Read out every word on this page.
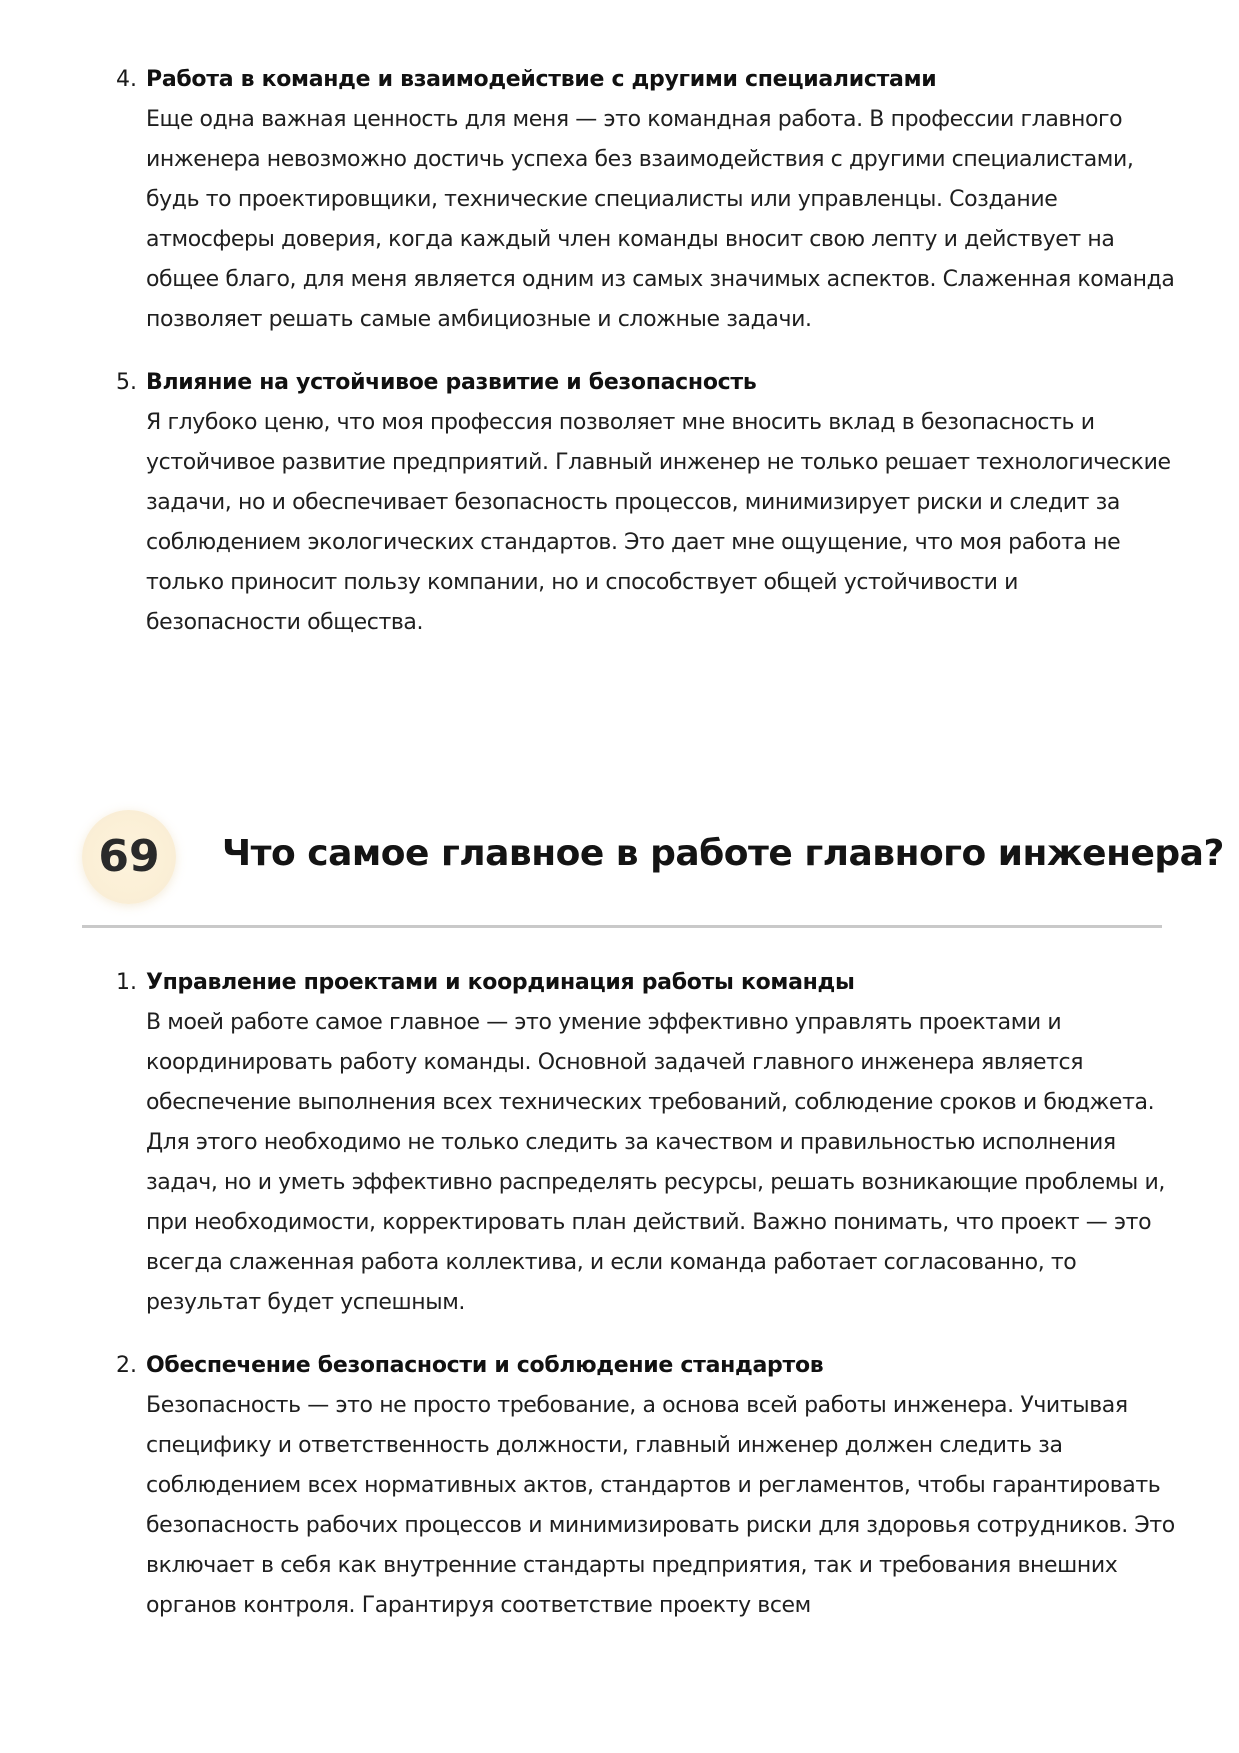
4. Работа в команде и взаимодействие с другими специалистами
Еще одна важная ценность для меня — это командная работа. В профессии главного инженера невозможно достичь успеха без взаимодействия с другими специалистами, будь то проектировщики, технические специалисты или управленцы. Создание атмосферы доверия, когда каждый член команды вносит свою лепту и действует на общее благо, для меня является одним из самых значимых аспектов. Слаженная команда позволяет решать самые амбициозные и сложные задачи.
5. Влияние на устойчивое развитие и безопасность
Я глубоко ценю, что моя профессия позволяет мне вносить вклад в безопасность и устойчивое развитие предприятий. Главный инженер не только решает технологические задачи, но и обеспечивает безопасность процессов, минимизирует риски и следит за соблюдением экологических стандартов. Это дает мне ощущение, что моя работа не только приносит пользу компании, но и способствует общей устойчивости и безопасности общества.
69	Что самое главное в работе главного инженера?
1. Управление проектами и координация работы команды
В моей работе самое главное — это умение эффективно управлять проектами и координировать работу команды. Основной задачей главного инженера является обеспечение выполнения всех технических требований, соблюдение сроков и бюджета. Для этого необходимо не только следить за качеством и правильностью исполнения задач, но и уметь эффективно распределять ресурсы, решать возникающие проблемы и, при необходимости, корректировать план действий. Важно понимать, что проект — это всегда слаженная работа коллектива, и если команда работает согласованно, то результат будет успешным.
2. Обеспечение безопасности и соблюдение стандартов
Безопасность — это не просто требование, а основа всей работы инженера. Учитывая специфику и ответственность должности, главный инженер должен следить за соблюдением всех нормативных актов, стандартов и регламентов, чтобы гарантировать безопасность рабочих процессов и минимизировать риски для здоровья сотрудников. Это включает в себя как внутренние стандарты предприятия, так и требования внешних органов контроля. Гарантируя соответствие проекту всем
